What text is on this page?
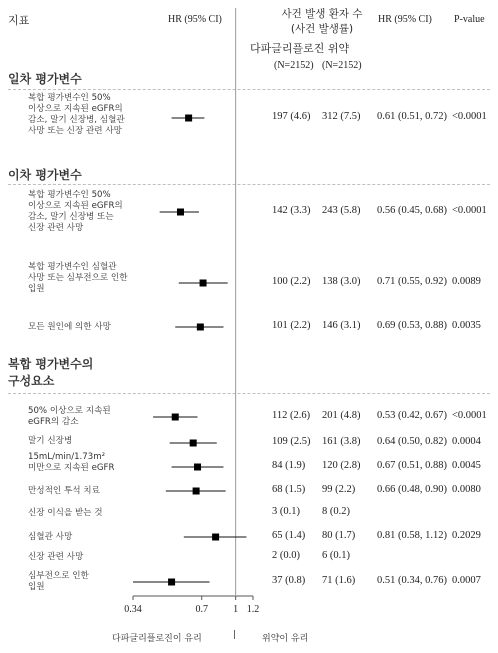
지표	HR (95% CI)	사건 발생 환자 수
(사건 발생률)
HR (95% CI) P-value
다파글리플로진 위약
(N=2152) (N=2152)
일차 평가변수
이차 평가변수
복합 평가변수의
구성요소
복합 평가변수인 50%
이상으로 지속된 eGFR의
감소, 말기 신장병, 심혈관
사망 또는 신장 관련 사망
197 (4.6) 312 (7.5) 0.61 (0.51, 0.72) <0.0001
복합 평가변수인 50%
이상으로 지속된 eGFR의
감소, 말기 신장병 또는
신장 관련 사망
142 (3.3) 243 (5.8) 0.56 (0.45, 0.68) <0.0001
복합 평가변수인 심혈관
사망 또는 심부전으로 인한
입원
100 (2.2) 138 (3.0) 0.71 (0.55, 0.92) 0.0089
모든 원인에 의한 사망	101 (2.2) 146 (3.1) 0.69 (0.53, 0.88) 0.0035
50% 이상으로 지속된
eGFR의 감소
112 (2.6) 201 (4.8) 0.53 (0.42, 0.67) <0.0001
말기 신장병	109 (2.5) 161 (3.8) 0.64 (0.50, 0.82) 0.0004
15mL/min/1.73m²
미만으로 지속된 eGFR	84 (1.9) 120 (2.8) 0.67 (0.51, 0.88) 0.0045
만성적인 투석 치료	68 (1.5) 99 (2.2) 0.66 (0.48, 0.90) 0.0080
신장 이식을 받는 것	3 (0.1) 8 (0.2)
심혈관 사망	65 (1.4) 80 (1.7) 0.81 (0.58, 1.12) 0.2029
신장 관련 사망	2 (0.0) 6 (0.1)
심부전으로 인한
입원
37 (0.8) 71 (1.6) 0.51 (0.34, 0.76) 0.0007
0.34	0.7	1 1.2
다파글리플로진이 유리	|	위약이 유리
